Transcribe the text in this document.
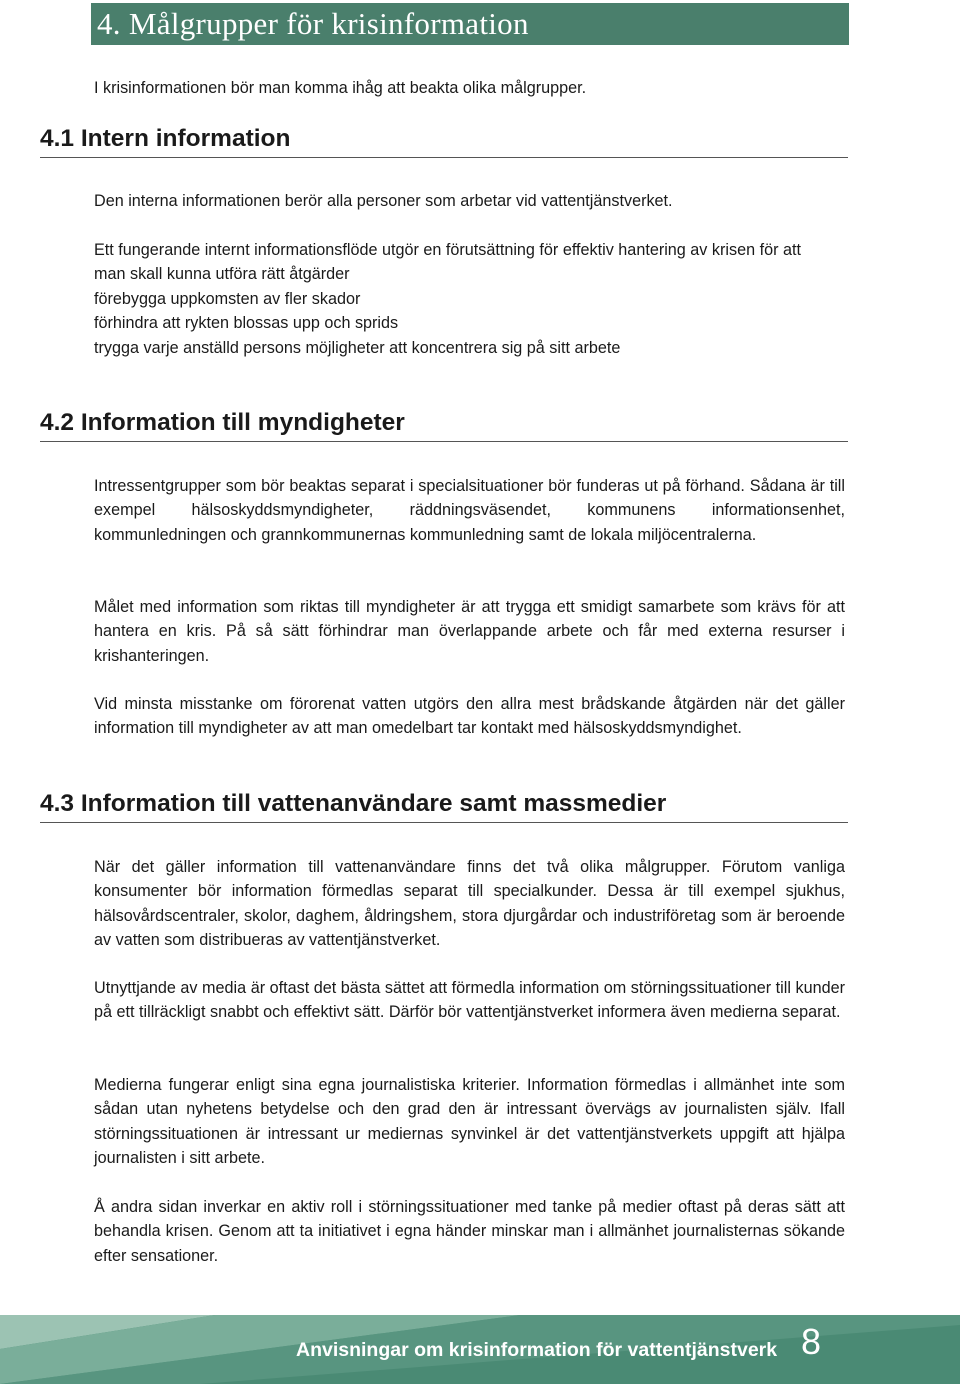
4. Målgrupper för krisinformation

I krisinformationen bör man komma ihåg att beakta olika målgrupper.

4.1 Intern information

Den interna informationen berör alla personer som arbetar vid vattentjänstverket.

Ett fungerande internt informationsflöde utgör en förutsättning för effektiv hantering av krisen för att
man skall kunna utföra rätt åtgärder
förebygga uppkomsten av fler skador
förhindra att rykten blossas upp och sprids
trygga varje anställd persons möjligheter att koncentrera sig på sitt arbete
4.2 Information till myndigheter

Intressentgrupper som bör beaktas separat i specialsituationer bör funderas ut på förhand. Sådana är till exempel hälsoskyddsmyndigheter, räddningsväsendet, kommunens informationsenhet, kommunledningen och grannkommunernas kommunledning samt de lokala miljöcentralerna.

Målet med information som riktas till myndigheter är att trygga ett smidigt samarbete som krävs för att hantera en kris. På så sätt förhindrar man överlappande arbete och får med externa resurser i krishanteringen.

Vid minsta misstanke om förorenat vatten utgörs den allra mest brådskande åtgärden när det gäller information till myndigheter av att man omedelbart tar kontakt med hälsoskyddsmyndighet.

4.3 Information till vattenanvändare samt massmedier

När det gäller information till vattenanvändare finns det två olika målgrupper. Förutom vanliga konsumenter bör information förmedlas separat till specialkunder. Dessa är till exempel sjukhus, hälsovårdscentraler, skolor, daghem, åldringshem, stora djurgårdar och industriföretag som är beroende av vatten som distribueras av vattentjänstverket.

Utnyttjande av media är oftast det bästa sättet att förmedla information om störningssituationer till kunder på ett tillräckligt snabbt och effektivt sätt. Därför bör vattentjänstverket informera även medierna separat.

Medierna fungerar enligt sina egna journalistiska kriterier. Information förmedlas i allmänhet inte som sådan utan nyhetens betydelse och den grad den är intressant övervägs av journalisten själv. Ifall störningssituationen är intressant ur mediernas synvinkel är det vattentjänstverkets uppgift att hjälpa journalisten i sitt arbete.

Å andra sidan inverkar en aktiv roll i störningssituationer med tanke på medier oftast på deras sätt att behandla krisen. Genom att ta initiativet i egna händer minskar man i allmänhet journalisternas sökande efter sensationer.

Anvisningar om krisinformation för vattentjänstverk 8
